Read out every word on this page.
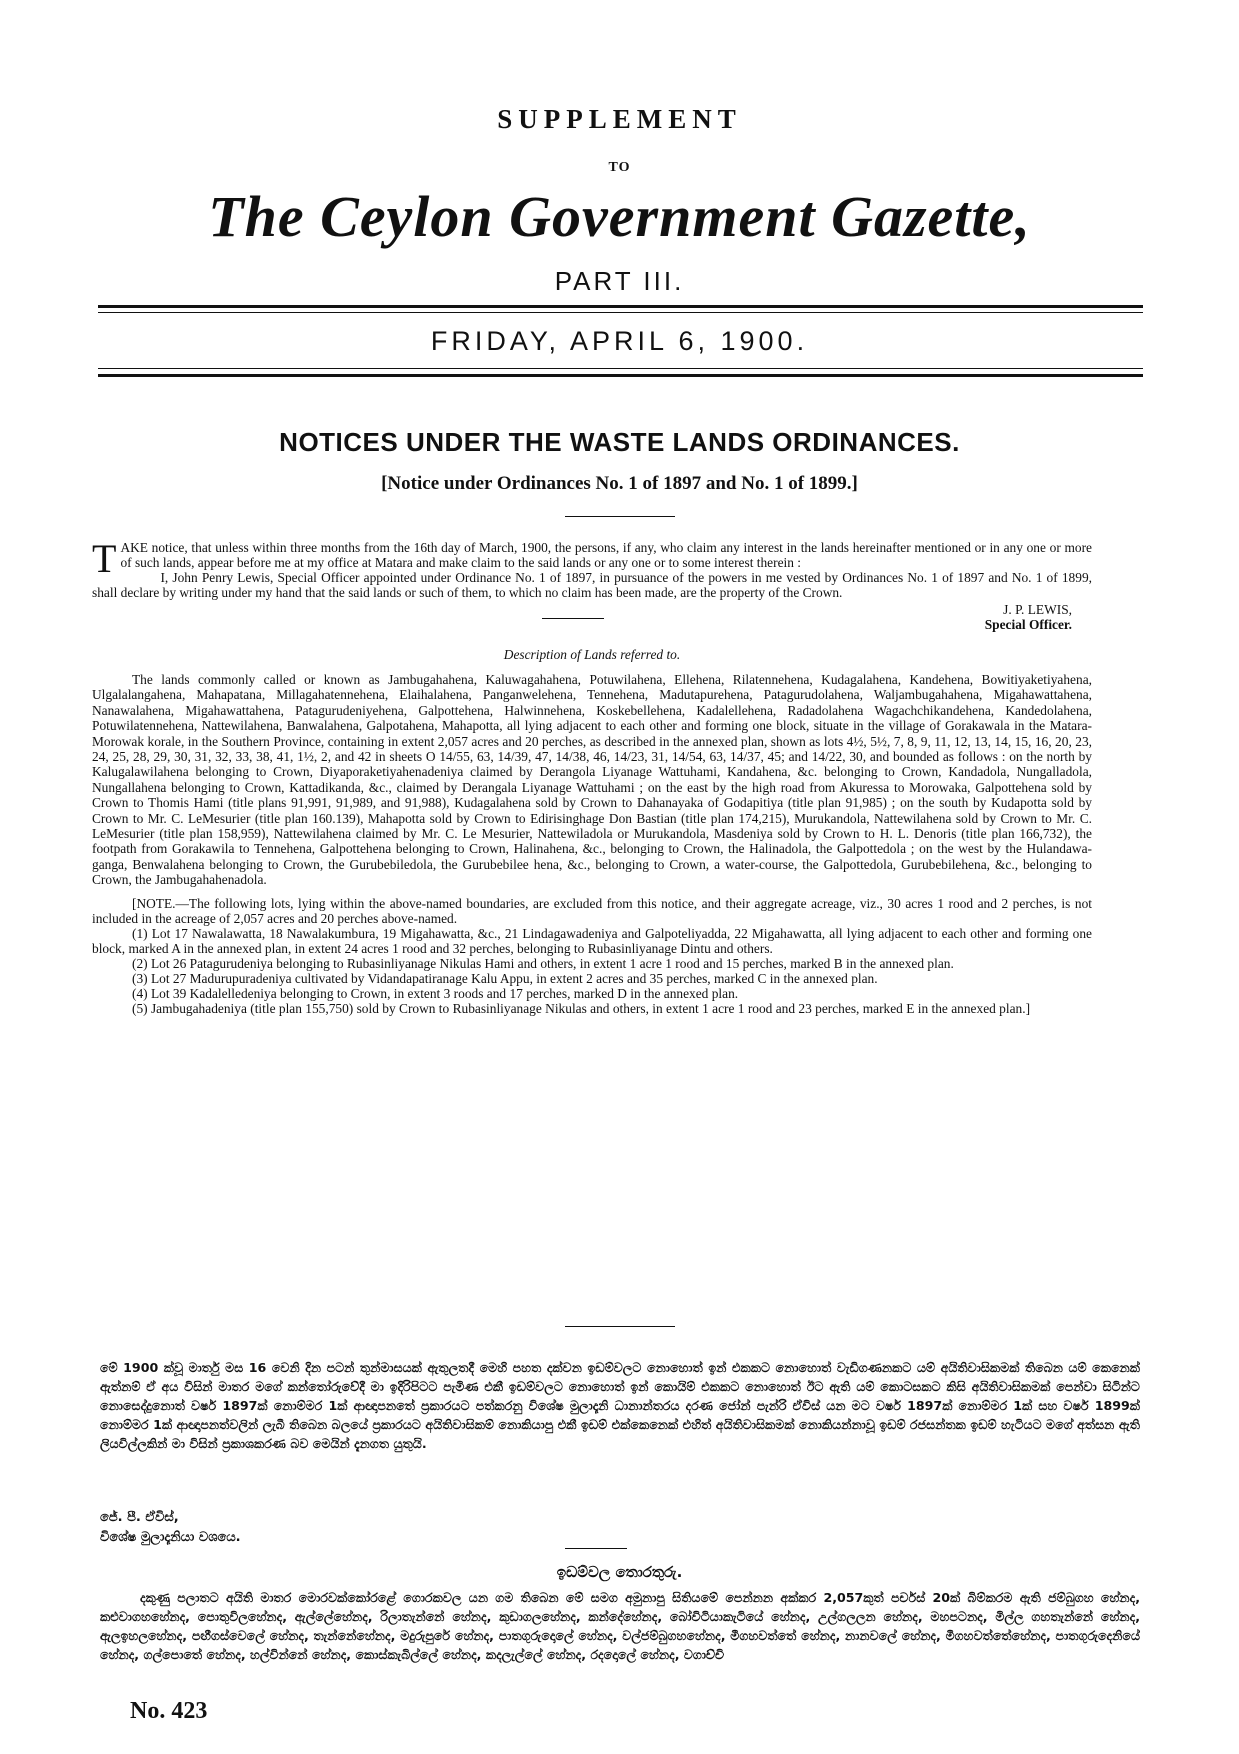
SUPPLEMENT
TO
The Ceylon Government Gazette,
PART III.
FRIDAY, APRIL 6, 1900.
NOTICES UNDER THE WASTE LANDS ORDINANCES.
[Notice under Ordinances No. 1 of 1897 and No. 1 of 1899.]
TAKE notice, that unless within three months from the 16th day of March, 1900, the persons, if any, who claim any interest in the lands hereinafter mentioned or in any one or more of such lands, appear before me at my office at Matara and make claim to the said lands or any one or to some interest therein :
I, John Penry Lewis, Special Officer appointed under Ordinance No. 1 of 1897, in pursuance of the powers in me vested by Ordinances No. 1 of 1897 and No. 1 of 1899, shall declare by writing under my hand that the said lands or such of them, to which no claim has been made, are the property of the Crown.
J. P. LEWIS,
Special Officer.
Description of Lands referred to.
The lands commonly called or known as Jambugahahena, Kaluwagahahena, Potuwilahena, Ellehena, Rilatennehena, Kudagalahena, Kandehena, Bowitiyaketiyahena, Ulgalalangahena, Mahapatana, Millagahatennehena, Elaihalahena, Panganwelehena, Tennehena, Madutapurehena, Patagurudolahena, Waljambugahahena, Migahawattahena, Nanawalahena, Migahawattahena, Patagurudeniyehena, Galpottehena, Halwinnehena, Koskebellehena, Kadalellehena, Radadolahena Wagachchikandehena, Kandedolahena, Potuwilatennehena, Nattewilahena, Banwalahena, Galpotahena, Mahapotta, all lying adjacent to each other and forming one block, situate in the village of Gorakawala in the Matara-Morowak korale, in the Southern Province, containing in extent 2,057 acres and 20 perches, as described in the annexed plan, shown as lots 4½, 5½, 7, 8, 9, 11, 12, 13, 14, 15, 16, 20, 23, 24, 25, 28, 29, 30, 31, 32, 33, 38, 41, 1½, 2, and 42 in sheets O 14/55, 63, 14/39, 47, 14/38, 46, 14/23, 31, 14/54, 63, 14/37, 45; and 14/22, 30, and bounded as follows : on the north by Kalugalawilahena belonging to Crown, Diyaporaketiyahenadeniya claimed by Derangola Liyanage Wattuhami, Kandahena, &c. belonging to Crown, Kandadola, Nungalladola, Nungallahena belonging to Crown, Kattadikanda, &c., claimed by Derangala Liyanage Wattuhami ; on the east by the high road from Akuressa to Morowaka, Galpottehena sold by Crown to Thomis Hami (title plans 91,991, 91,989, and 91,988), Kudagalahena sold by Crown to Dahanayaka of Godapitiya (title plan 91,985) ; on the south by Kudapotta sold by Crown to Mr. C. LeMesurier (title plan 160.139), Mahapotta sold by Crown to Edirisinghage Don Bastian (title plan 174,215), Murukandola, Nattewilahena sold by Crown to Mr. C. LeMesurier (title plan 158,959), Nattewilahena claimed by Mr. C. Le Mesurier, Nattewiladola or Murukandola, Masdeniya sold by Crown to H. L. Denoris (title plan 166,732), the footpath from Gorakawila to Tennehena, Galpottehena belonging to Crown, Halinahena, &c., belonging to Crown, the Halinadola, the Galpottedola ; on the west by the Hulandawa-ganga, Benwalahena belonging to Crown, the Gurubebiledola, the Gurubebilee hena, &c., belonging to Crown, a water-course, the Galpottedola, Gurubebilehena, &c., belonging to Crown, the Jambugahahenadola.
[NOTE.—The following lots, lying within the above-named boundaries, are excluded from this notice, and their aggregate acreage, viz., 30 acres 1 rood and 2 perches, is not included in the acreage of 2,057 acres and 20 perches above-named.
(1) Lot 17 Nawalawatta, 18 Nawalakumbura, 19 Migahawatta, &c., 21 Lindagawadeniya and Galpoteliyadda, 22 Migahawatta, all lying adjacent to each other and forming one block, marked A in the annexed plan, in extent 24 acres 1 rood and 32 perches, belonging to Rubasinliyanage Dintu and others.
(2) Lot 26 Patagurudeniya belonging to Rubasinliyanage Nikulas Hami and others, in extent 1 acre 1 rood and 15 perches, marked B in the annexed plan.
(3) Lot 27 Madurupuradeniya cultivated by Vidandapatiranage Kalu Appu, in extent 2 acres and 35 perches, marked C in the annexed plan.
(4) Lot 39 Kadalelledeniya belonging to Crown, in extent 3 roods and 17 perches, marked D in the annexed plan.
(5) Jambugahadeniya (title plan 155,750) sold by Crown to Rubasinliyanage Nikulas and others, in extent 1 acre 1 rood and 23 perches, marked E in the annexed plan.]
මේ 1900 ක්වූ මාර්තු මස 16 වෙනි දින පටන් තුන්මාසයක් ඇතුලතදී මෙහි පහත දක්වන ඉඩම්වලට නොහොත් ඉන් එකකට නොහොත් වැඩිගණනකට යම් අයිතිවාසිකමක් තිබෙන යම් කෙනෙක් ඇත්නම් ඒ අය විසින් මාතර මගේ කන්තෝරුවේදී මා ඉදිරිපිටට පැමිණ එකී ඉඩම්වලට නොහොත් ඉන් කොයිම් එකකට නොහොත් ඊට ඇති යම් කොටසකට කිසි අයිතිවාසිකමක් පෙන්වා සිටින්ට නොසෙද්දුනොත් වර්ෂ 1897ක් නොම්මර 1ක් ආඥාපනතේ ප්‍රකාරයට පත්කරනු විශේෂ මුලාදෑනි ධානාන්තරය දරණ ජෝන් පැන්රි ඒවිස් යන මට වර්ෂ 1897ක් නොම්මර 1ක් සහ වර්ෂ 1899ක් නොම්මර 1ක් ආඥාපනත්වලින් ලැබී තිබෙන බලයේ ප්‍රකාරයට අයිතිවාසිකම් නොකියාපු එකී ඉඩම් එක්කෙනෙක් එහිත් අයිතිවාසිකමක් නොකියන්නාවූ ඉඩම් රජසන්තක ඉඩම් හැටියට මගේ අත්සන ඇති ලියවිල්ලකින් මා විසින් ප්‍රකාශකරණ බව මෙයින් දැනගත යුතුයි.
ජේ. පී. ඒවිස්,
විශේෂ මුලාදෑනියා වශයෙ.
ඉඩම්වල තොරතුරු.
දකුණු පලාතට අයිති මාතර මොරවක්කෝරළේ ගොරකවල යන ගම තිබෙන මේ සමග අමුනාපු සිතියමේ පෙන්නන අක්කර 2,057කුත් පර්චස් 20ක් බිම්කරම ඇති ජම්බුගහ හේනද, කළුවාගහහේනද, පොතුවිලහේනද, ඇල්ලේහේනද, රිලාතැන්නේ හේනද, කුඩාගලහේනද, කන්දේහේනද, බෝවිටියාකැටියේ හේනද, උල්ගලලන හේනද, මහපටනද, මිල්ල ගහතැන්නේ හේනද, ඇලඉහලහේනද, පඟීගස්වෙලේ හේනද, තැන්නේහේනද, මදුරුපුරේ හේනද, පාතගුරුදොලේ හේනද, වල්ජම්බුගහහේනද, මීගහවත්තේ හේනද, නානවලේ හේනද, මීගහවත්තේහේනද, පාතගුරුදෙනියේ හේනද, ගල්පොතේ හේනද, හල්වින්නේ හේනද, කොස්කැබිල්ලේ හේනද, කදලැල්ලේ හේනද, රදදොලේ හේනද, වගාච්චි
No. 423
